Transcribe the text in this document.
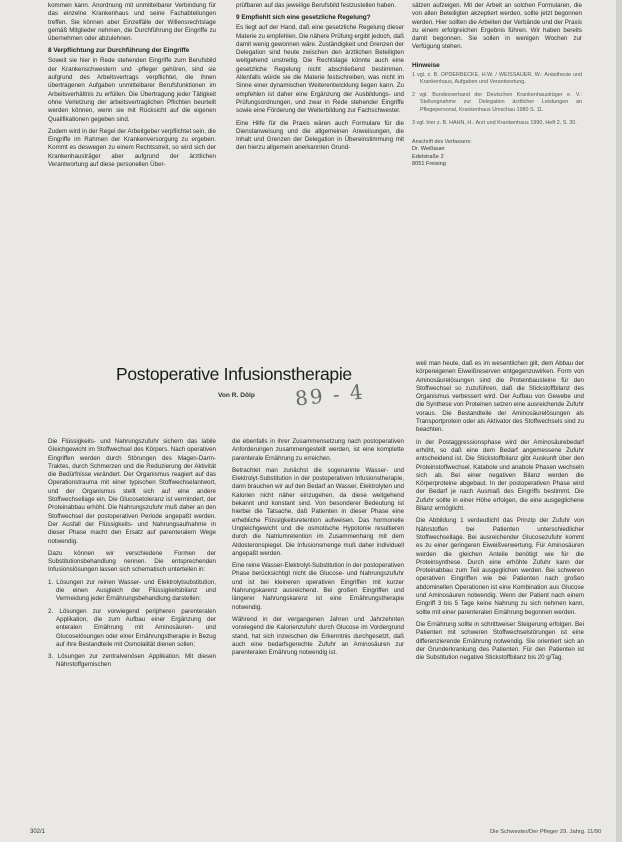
kommen kann. Anordnung mit unmittelbarer Verbindung für das einzelne Krankenhaus und seine Fachabteilungen treffen. Sie können aber Einzelfälle der Willensrechtslage gemäß Mitglieder nehmen, die Durchführung der Eingriffe zu übernehmen oder abzulehnen.

8 Verpflichtung zur Durchführung der Eingriffe

Soweit sie hier in Rede stehenden Eingriffe zum Berufsbild der Krankenschwestern und -pfleger gehören, sind sie aufgrund des Arbeitsvertrags verpflichtet, die ihnen übertragenen Aufgaben unmittelbarer Berufsfunktionen im Arbeitsverhältnis zu erfüllen. Die Übertragung jeder Tätigkeit ohne Verletzung der arbeitsvertraglichen Pflichten beurteilt werden können, wenn sie mit Rücksicht auf die eigenen Qualifikationen gegeben sind.

Zudem wird in der Regel der Arbeitgeber verpflichtet sein, die Eingriffe im Rahmen der Krankenversorgung zu ergeben. Kommt es deswegen zu einem Rechtsstreit, so wird sich der Krankenhausträger aber aufgrund der ärztlichen Verantwortung auf diese personellen Über-

prüfbaren auf das jeweilige Berufsbild festzustellen haben.

9 Empfiehlt sich eine gesetzliche Regelung?

Es liegt auf der Hand, daß eine gesetzliche Regelung dieser Materie zu empfehlen. Die nähere Prüfung ergibt jedoch, daß damit wenig gewonnen wäre. Zuständigkeit und Grenzen der Delegation sind heute zwischen den ärztlichen Beteiligten weitgehend unstreitig. Die Rechtslage könnte auch eine gesetzliche Regelung nicht abschließend bestimmen. Allenfalls würde sie die Materie festschreiben, was nicht im Sinne einer dynamischen Weiterentwicklung liegen kann. Zu empfehlen ist daher eine Ergänzung der Ausbildungs- und Prüfungsordnungen, und zwar in Rede stehender Eingriffe sowie eine Förderung der Weiterbildung zur Fachschwester.

Eine Hilfe für die Praxis wären auch Formulare für die Dienstanweisung und die allgemeinen Anweisungen, die Inhalt und Grenzen der Delegation in Übereinstimmung mit den hierzu allgemein anerkannten Grund-

sätzen aufzeigen. Mit der Arbeit an solchen Formularen, die von allen Beteiligten akzeptiert werden, sollte jetzt begonnen werden. Hier sollten die Arbeiten der Verbände und der Praxis zu einem erfolgreichen Ergebnis führen. Wir haben bereits damit begonnen. Sie sollen in wenigen Wochen zur Verfügung stehen.

Hinweise
1 vgl. z. B. OPDERBECKE, H.W. / WEISSAUER, W.: Anästhesie und Krankenhaus, Aufgaben und Verantwortung.
2 vgl. Bundesverband der Deutschen Krankenhausträger e. V.: Stellungnahme zur Delegation ärztlicher Leistungen an Pflegepersonal, Krankenhaus Umschau 1980 S. 11.
3 vgl. hier z. B. HAHN, H.: Arzt und Krankenhaus 1990, Heft 2, S. 30.
Anschrift des Verfassers:
Dr. Weißauer
Edelstraße 2
8051 Freising
Postoperative Infusionstherapie
Von R. Dölp 89 - 4

Die Flüssigkeits- und Nahrungszufuhr sichern das labile Gleichgewicht im Stoffwechsel des Körpers. Nach operativen Eingriffen werden durch Störungen des Magen-Darm-Traktes, durch Schmerzen und die Reduzierung der Aktivität die Bedürfnisse verändert. Der Organismus reagiert auf das Operationstrauma mit einer typischen Stoffwechselantwort, und der Organismus stellt sich auf eine andere Stoffwechsellage ein. Die Glucosetoleranz ist vermindert, der Proteinabbau erhöht. Die Nahrungszufuhr muß daher an den Stoffwechsel der postoperativen Periode angepaßt werden. Der Ausfall der Flüssigkeits- und Nahrungsaufnahme in dieser Phase macht den Ersatz auf parenteralem Wege notwendig.

Dazu können wir verschiedene Formen der Substitutionsbehandlung nennen. Die entsprechenden Infusionslösungen lassen sich schematisch unterteilen in:

1. Lösungen zur reinen Wasser- und Elektrolytsubstitution, die einen Ausgleich der Flüssigkeitsbilanz und Vermeidung jeder Ernährungsbehandlung darstellen;

2. Lösungen zur vorwiegend peripheren parenteralen Applikation, die zum Aufbau einer Ergänzung der enteralen Ernährung mit Aminosäuren- und Glucoselösungen oder einer Ernährungstherapie in Bezug auf ihre Bestandteile mit Osmolalität dienen sollen;

3. Lösungen zur zentralvenösen Applikation. Mit diesen Nährstoffgemischen

die ebenfalls in ihrer Zusammensetzung nach postoperativen Anforderungen zusammengestellt werden, ist eine komplette parenterale Ernährung zu erreichen.

Betrachtet man zunächst die sogenannte Wasser- und Elektrolyt-Substitution in der postoperativen Infusionstherapie, dann brauchen wir auf den Bedarf an Wasser, Elektrolyten und Kalorien nicht näher einzugehen, da diese weitgehend bekannt und konstant sind. Von besonderer Bedeutung ist hierbei die Tatsache, daß Patienten in dieser Phase eine erhebliche Flüssigkeitsretention aufweisen. Das hormonelle Ungleichgewicht und die osmotische Hypotonie resultieren durch die Natriumretention im Zusammenhang mit dem Aldosteronspiegel. Die Infusionsmenge muß daher individuell angepaßt werden.

Eine reine Wasser-Elektrolyt-Substitution in der postoperativen Phase berücksichtigt nicht die Glucose- und Nahrungszufuhr und ist bei kleineren operativen Eingriffen mit kurzer Nahrungskarenz ausreichend. Bei großen Eingriffen und längerer Nahrungskarenz ist eine Ernährungstherapie notwendig.

Während in der vergangenen Jahren und Jahrzehnten vorwiegend die Kalorienzufuhr durch Glucose im Vordergrund stand, hat sich inzwischen die Erkenntnis durchgesetzt, daß auch eine bedarfsgerechte Zufuhr an Aminosäuren zur parenteralen Ernährung notwendig ist.

weil man heute, daß es im wesentlichen gilt, dem Abbau der körpereigenen Eiweißreserven entgegenzuwirken. Form von Aminosäurelösungen sind die Proteinbausteine für den Stoffwechsel so zuzuführen, daß die Stickstoffbilanz des Organismus verbessert wird. Der Aufbau von Gewebe und die Synthese von Proteinen setzen eine ausreichende Zufuhr voraus. Die Bestandteile der Aminosäurelösungen als Transportprotein oder als Aktivator des Stoffwechsels sind zu beachten.

In der Postaggressionsphase wird der Aminosäurebedarf erhöht, so daß eine dem Bedarf angemessene Zufuhr entscheidend ist. Die Stickstoffbilanz gibt Auskunft über den Proteinstoffwechsel. Katabole und anabole Phasen wechseln sich ab. Bei einer negativen Bilanz werden die Körperproteine abgebaut. In der postoperativen Phase wird der Bedarf je nach Ausmaß des Eingriffs bestimmt. Die Zufuhr sollte in einer Höhe erfolgen, die eine ausgeglichene Bilanz ermöglicht.

Die Abbildung 1 verdeutlicht das Prinzip der Zufuhr von Nährstoffen bei Patienten unterschiedlicher Stoffwechsellage. Bei ausreichender Glucosezufuhr kommt es zu einer geringeren Eiweißverwertung. Für Aminosäuren werden die gleichen Anteile benötigt wie für die Proteinsynthese. Durch eine erhöhte Zufuhr kann der Proteinabbau zum Teil ausgeglichen werden. Bei schweren operativen Eingriffen wie bei Patienten nach großen abdominellen Operationen ist eine Kombination aus Glucose und Aminosäuren notwendig. Wenn der Patient nach einem Eingriff 3 bis 5 Tage keine Nahrung zu sich nehmen kann, sollte mit einer parenteralen Ernährung begonnen werden.

Die Ernährung sollte in schrittweiser Steigerung erfolgen. Bei Patienten mit schweren Stoffwechselstörungen ist eine differenzierende Ernährung notwendig. Sie orientiert sich an der Grunderkrankung des Patienten. Für den Patienten ist die Substitution negative Stickstoffbilanz bis 20 g/Tag.

302/1	Die Schwester/Der Pfleger 29. Jahrg. 11/90
